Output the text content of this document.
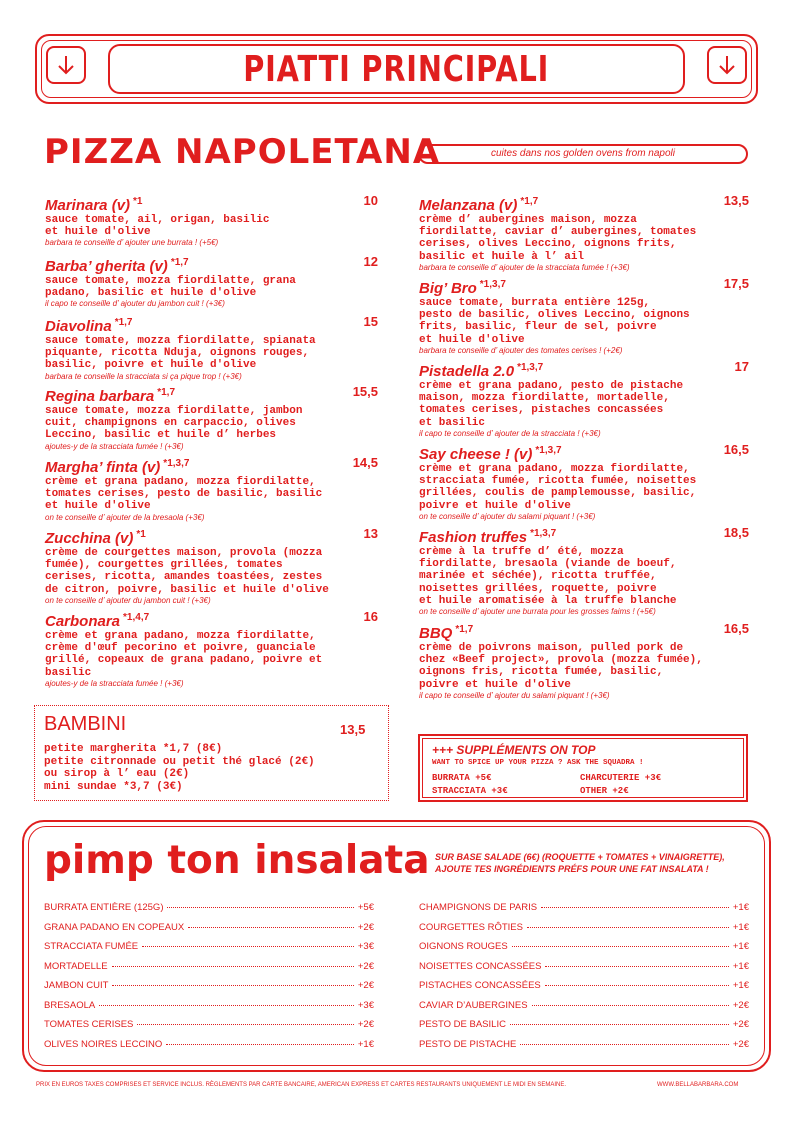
PIATTI PRINCIPALI
PIZZA NAPOLETANA	cuites dans nos golden ovens from napoli
Marinara (v) $^{*1}$	10
sauce tomate, ail, origan, basilic
et huile d'olive
barbara te conseille d’ ajouter une burrata ! (+5€)
Barba’ gherita (v) $^{*1,7}$	12
sauce tomate, mozza fiordilatte, grana
padano, basilic et huile d'olive
il capo te conseille d’ ajouter du jambon cuit ! (+3€)
Diavolina $^{*1,7}$	15
sauce tomate, mozza fiordilatte, spianata
piquante, ricotta Nduja, oignons rouges,
basilic, poivre et huile d'olive
barbara te conseille la stracciata si ça pique trop ! (+3€)
Regina barbara $^{*1,7}$	15,5
sauce tomate, mozza fiordilatte, jambon
cuit, champignons en carpaccio, olives
Leccino, basilic et huile d’ herbes
ajoutes-y de la stracciata fumée ! (+3€)
Margha’ finta (v) $^{*1,3,7}$	14,5
crème et grana padano, mozza fiordilatte,
tomates cerises, pesto de basilic, basilic
et huile d'olive
on te conseille d’ ajouter de la bresaola (+3€)
Zucchina (v) $^{*1}$	13
crème de courgettes maison, provola (mozza
fumée), courgettes grillées, tomates
cerises, ricotta, amandes toastées, zestes
de citron, poivre, basilic et huile d'olive
on te conseille d’ ajouter du jambon cuit ! (+3€)
Carbonara $^{*1,4,7}$	16
crème et grana padano, mozza fiordilatte,
crème d'œuf pecorino et poivre, guanciale
grillé, copeaux de grana padano, poivre et
basilic
ajoutes-y de la stracciata fumée ! (+3€)
Melanzana (v) $^{*1,7}$	13,5
crème d’ aubergines maison, mozza
fiordilatte, caviar d’ aubergines, tomates
cerises, olives Leccino, oignons frits,
basilic et huile à l’ ail
barbara te conseille d’ ajouter de la stracciata fumée ! (+3€)
Big’ Bro $^{*1,3,7}$	17,5
sauce tomate, burrata entière 125g,
pesto de basilic, olives Leccino, oignons
frits, basilic, fleur de sel, poivre
et huile d'olive
barbara te conseille d’ ajouter des tomates cerises ! (+2€)
Pistadella 2.0 $^{*1,3,7}$	17
crème et grana padano, pesto de pistache
maison, mozza fiordilatte, mortadelle,
tomates cerises, pistaches concassées
et basilic
il capo te conseille d’ ajouter de la stracciata ! (+3€)
Say cheese ! (v) $^{*1,3,7}$	16,5
crème et grana padano, mozza fiordilatte,
stracciata fumée, ricotta fumée, noisettes
grillées, coulis de pamplemousse, basilic,
poivre et huile d'olive
on te conseille d’ ajouter du salami piquant ! (+3€)
Fashion truffes $^{*1,3,7}$	18,5
crème à la truffe d’ été, mozza
fiordilatte, bresaola (viande de boeuf,
marinée et séchée), ricotta truffée,
noisettes grillées, roquette, poivre
et huile aromatisée à la truffe blanche
on te conseille d’ ajouter une burrata pour les grosses faims ! (+5€)
BBQ $^{*1,7}$	16,5
crème de poivrons maison, pulled pork de
chez «Beef project», provola (mozza fumée),
oignons fris, ricotta fumée, basilic,
poivre et huile d'olive
il capo te conseille d’ ajouter du salami piquant ! (+3€)
BAMBINI	13,5
petite margherita *1,7 (8€)
petite citronnade ou petit thé glacé (2€)
ou sirop à l’ eau (2€)
mini sundae *3,7 (3€)
+++ SUPPLÉMENTS ON TOP
WANT TO SPICE UP YOUR PIZZA ? ASK THE SQUADRA !
BURRATA +5€	CHARCUTERIE +3€
STRACCIATA +3€	OTHER +2€
pimp ton insalata SUR BASE SALADE (6€) (ROQUETTE + TOMATES + VINAIGRETTE),
AJOUTE TES INGRÉDIENTS PRÉFS POUR UNE FAT INSALATA !
BURRATA ENTIÈRE (125G)	+5€
GRANA PADANO EN COPEAUX	+2€
STRACCIATA FUMÉE	+3€
MORTADELLE	+2€
JAMBON CUIT	+2€
BRESAOLA	+3€
TOMATES CERISES	+2€
OLIVES NOIRES LECCINO	+1€
CHAMPIGNONS DE PARIS	+1€
COURGETTES RÔTIES	+1€
OIGNONS ROUGES	+1€
NOISETTES CONCASSÉES	+1€
PISTACHES CONCASSÉES	+1€
CAVIAR D’AUBERGINES	+2€
PESTO DE BASILIC	+2€
PESTO DE PISTACHE	+2€
PRIX EN EUROS TAXES COMPRISES ET SERVICE INCLUS. RÈGLEMENTS PAR CARTE BANCAIRE, AMERICAN EXPRESS ET CARTES RESTAURANTS UNIQUEMENT LE MIDI EN SEMAINE.	WWW.BELLABARBARA.COM
